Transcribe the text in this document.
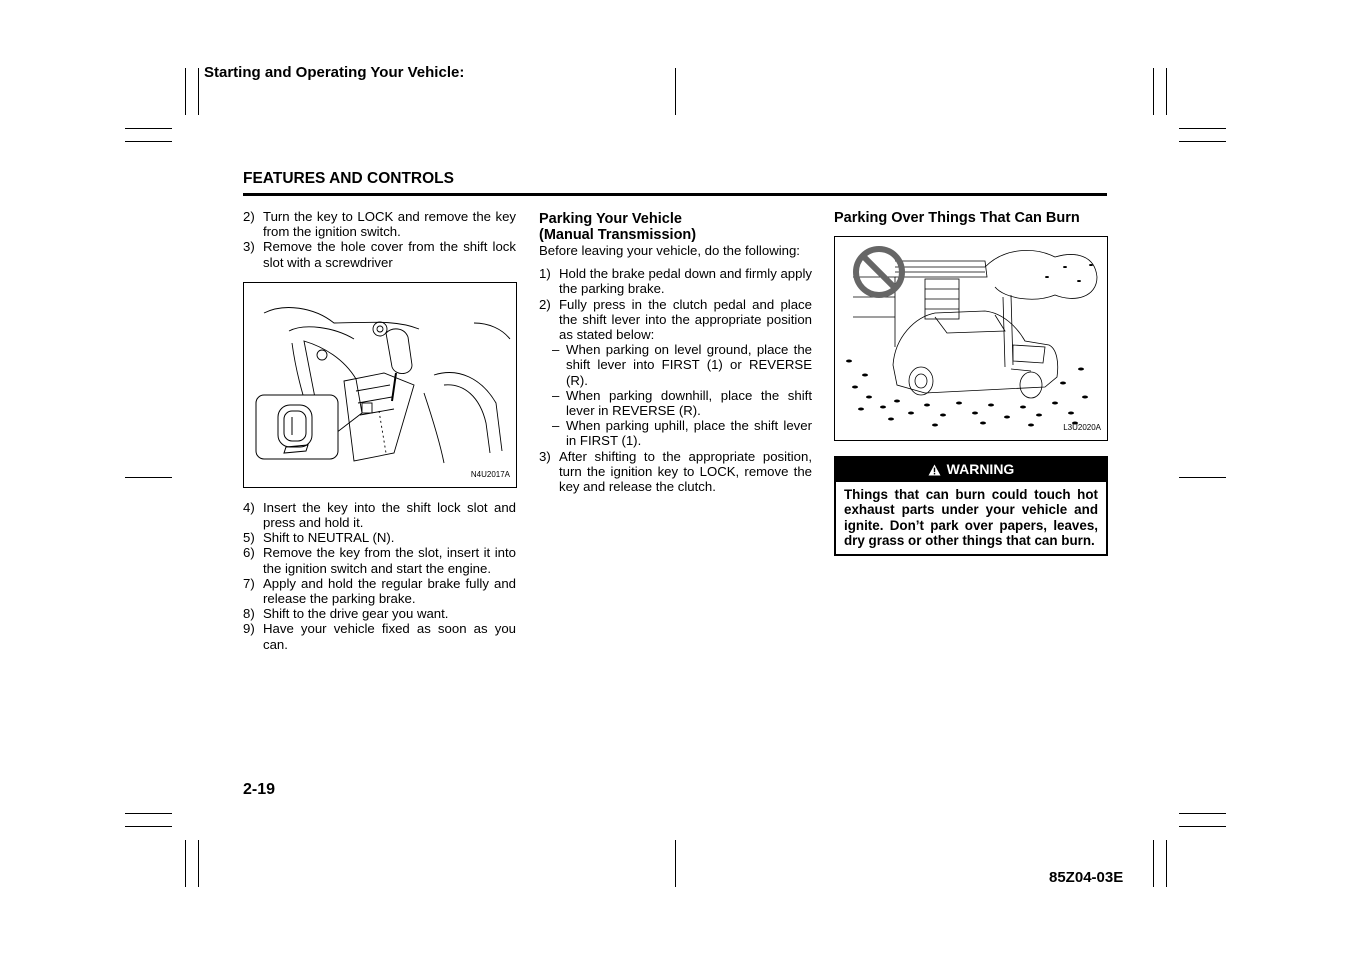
Starting and Operating Your Vehicle:
FEATURES AND CONTROLS
2) Turn the key to LOCK and remove the key from the ignition switch.
3) Remove the hole cover from the shift lock slot with a screwdriver
N4U2017A
4) Insert the key into the shift lock slot and press and hold it.
5) Shift to NEUTRAL (N).
6) Remove the key from the slot, insert it into the ignition switch and start the engine.
7) Apply and hold the regular brake fully and release the parking brake.
8) Shift to the drive gear you want.
9) Have your vehicle fixed as soon as you can.
Parking Your Vehicle
(Manual Transmission)
Before leaving your vehicle, do the following:
1) Hold the brake pedal down and firmly apply the parking brake.
2) Fully press in the clutch pedal and place the shift lever into the appropriate position as stated below:
– When parking on level ground, place the shift lever into FIRST (1) or REVERSE (R).
– When parking downhill, place the shift lever in REVERSE (R).
– When parking uphill, place the shift lever in FIRST (1).
3) After shifting to the appropriate position, turn the ignition key to LOCK, remove the key and release the clutch.
Parking Over Things That Can Burn
L3U2020A
WARNING
Things that can burn could touch hot exhaust parts under your vehicle and ignite. Don’t park over papers, leaves, dry grass or other things that can burn.
2-19
85Z04-03E
